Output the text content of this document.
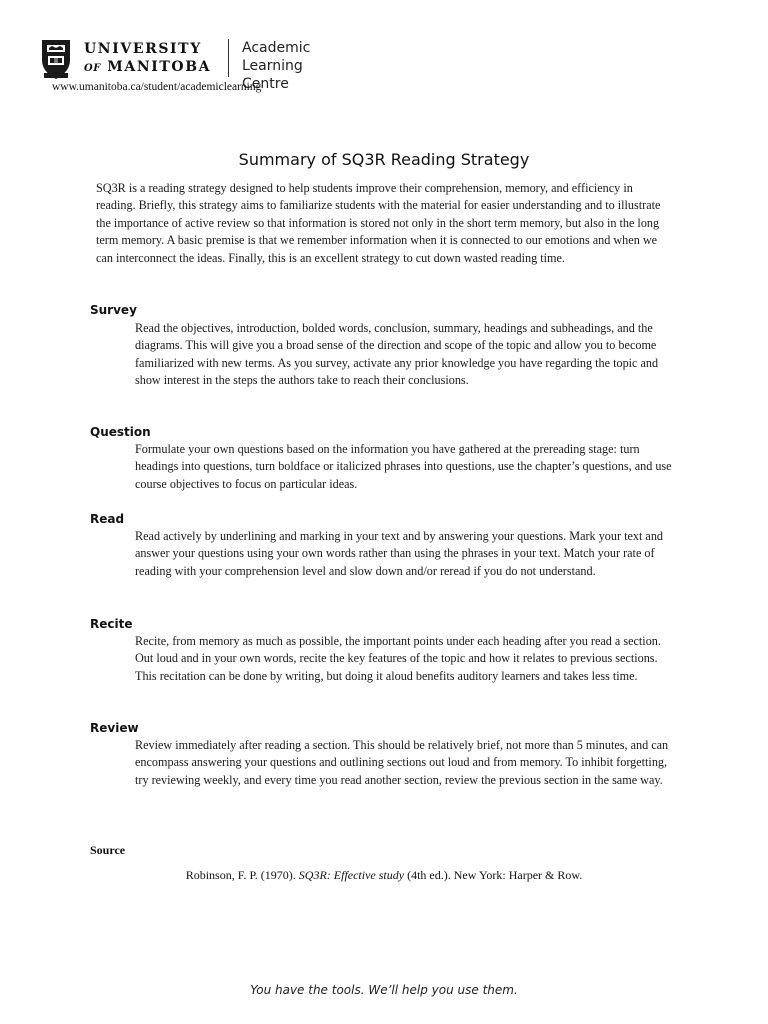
UNIVERSITY
OF MANITOBA
Academic
Learning Centre
www.umanitoba.ca/student/academiclearning
Summary of SQ3R Reading Strategy
SQ3R is a reading strategy designed to help students improve their comprehension, memory, and efficiency in reading. Briefly, this strategy aims to familiarize students with the material for easier understanding and to illustrate the importance of active review so that information is stored not only in the short term memory, but also in the long term memory. A basic premise is that we remember information when it is connected to our emotions and when we can interconnect the ideas. Finally, this is an excellent strategy to cut down wasted reading time.
Survey
Read the objectives, introduction, bolded words, conclusion, summary, headings and subheadings, and the diagrams. This will give you a broad sense of the direction and scope of the topic and allow you to become familiarized with new terms. As you survey, activate any prior knowledge you have regarding the topic and show interest in the steps the authors take to reach their conclusions.
Question
Formulate your own questions based on the information you have gathered at the prereading stage: turn headings into questions, turn boldface or italicized phrases into questions, use the chapter’s questions, and use course objectives to focus on particular ideas.
Read
Read actively by underlining and marking in your text and by answering your questions. Mark your text and answer your questions using your own words rather than using the phrases in your text. Match your rate of reading with your comprehension level and slow down and/or reread if you do not understand.
Recite
Recite, from memory as much as possible, the important points under each heading after you read a section. Out loud and in your own words, recite the key features of the topic and how it relates to previous sections. This recitation can be done by writing, but doing it aloud benefits auditory learners and takes less time.
Review
Review immediately after reading a section. This should be relatively brief, not more than 5 minutes, and can encompass answering your questions and outlining sections out loud and from memory. To inhibit forgetting, try reviewing weekly, and every time you read another section, review the previous section in the same way.
Source
Robinson, F. P. (1970). SQ3R: Effective study (4th ed.). New York: Harper & Row.
You have the tools. We’ll help you use them.
